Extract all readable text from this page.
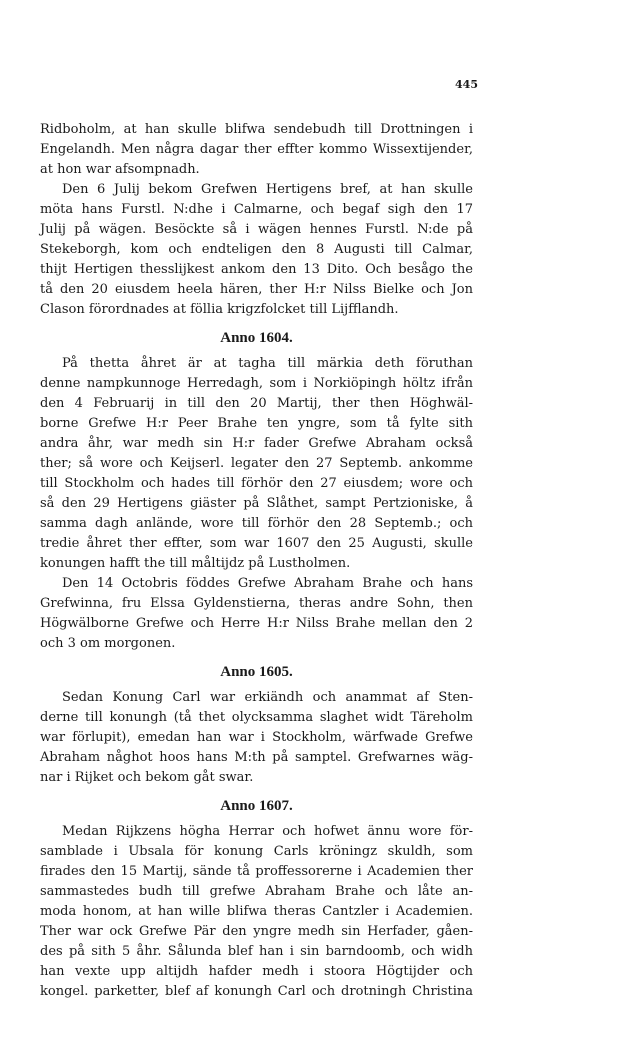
445
Ridboholm, at han skulle blifwa sendebudh till Drottningen i
Engelandh. Men några dagar ther effter kommo Wissextijender,
at hon war afsompnadh.
Den 6 Julij bekom Grefwen Hertigens bref, at han skulle
möta hans Furstl. N:dhe i Calmarne, och begaf sigh den 17
Julij på wägen. Besöckte så i wägen hennes Furstl. N:de på
Stekeborgh, kom och endteligen den 8 Augusti till Calmar,
thijt Hertigen thesslijkest ankom den 13 Dito. Och besågo the
tå den 20 eiusdem heela hären, ther H:r Nilss Bielke och Jon
Clason förordnades at föllia krigzfolcket till Lijfflandh.
Anno 1604.
På thetta åhret är at tagha till märkia deth föruthan
denne nampkunnoge Herredagh, som i Norkiöpingh höltz ifrån
den 4 Februarij in till den 20 Martij, ther then Höghwäl-
borne Grefwe H:r Peer Brahe ten yngre, som tå fylte sith
andra åhr, war medh sin H:r fader Grefwe Abraham också
ther; så wore och Keijserl. legater den 27 Septemb. ankomme
till Stockholm och hades till förhör den 27 eiusdem; wore och
så den 29 Hertigens giäster på Slåthet, sampt Pertzioniske, å
samma dagh anlände, wore till förhör den 28 Septemb.; och
tredie åhret ther effter, som war 1607 den 25 Augusti, skulle
konungen hafft the till måltijdz på Lustholmen.
Den 14 Octobris föddes Grefwe Abraham Brahe och hans
Grefwinna, fru Elssa Gyldenstierna, theras andre Sohn, then
Högwälborne Grefwe och Herre H:r Nilss Brahe mellan den 2
och 3 om morgonen.
Anno 1605.
Sedan Konung Carl war erkiändh och anammat af Sten-
derne till konungh (tå thet olycksamma slaghet widt Täreholm
war förlupit), emedan han war i Stockholm, wärfwade Grefwe
Abraham någhot hoos hans M:th på samptel. Grefwarnes wäg-
nar i Rijket och bekom gåt swar.
Anno 1607.
Medan Rijkzens högha Herrar och hofwet ännu wore för-
samblade i Ubsala för konung Carls kröningz skuldh, som
firades den 15 Martij, sände tå proffessorerne i Academien ther
sammastedes budh till grefwe Abraham Brahe och låte an-
moda honom, at han wille blifwa theras Cantzler i Academien.
Ther war ock Grefwe Pär den yngre medh sin Herfader, gåen-
des på sith 5 åhr. Sålunda blef han i sin barndoomb, och widh
han vexte upp altijdh hafder medh i stoora Högtijder och
kongel. parketter, blef af konungh Carl och drotningh Christina
